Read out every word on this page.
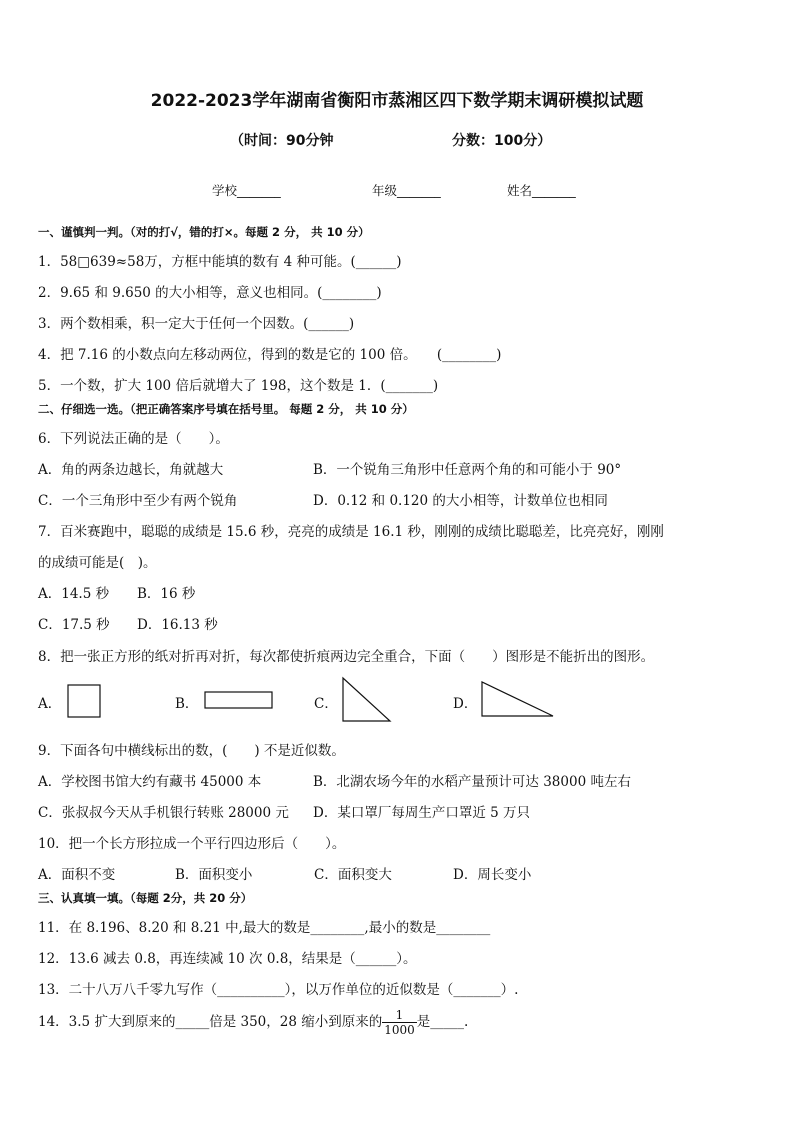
2022-2023学年湖南省衡阳市蒸湘区四下数学期末调研模拟试题
（时间：90分钟	分数：100分）
学校_______	年级_______	姓名_______
一、谨慎判一判。（对的打√，错的打×。每题 2 分， 共 10 分）
1．58□639≈58万，方框中能填的数有 4 种可能。(______)
2．9.65 和 9.650 的大小相等，意义也相同。(________)
3．两个数相乘，积一定大于任何一个因数。(______)
4．把 7.16 的小数点向左移动两位，得到的数是它的 100 倍。　　(________)
5．一个数，扩大 100 倍后就增大了 198，这个数是 1．(_______)
二、仔细选一选。（把正确答案序号填在括号里。 每题 2 分， 共 10 分）
6．下列说法正确的是（　　）。
A．角的两条边越长，角就越大	B．一个锐角三角形中任意两个角的和可能小于 90°
C．一个三角形中至少有两个锐角	D．0.12 和 0.120 的大小相等，计数单位也相同
7．百米赛跑中，聪聪的成绩是 15.6 秒，亮亮的成绩是 16.1 秒，刚刚的成绩比聪聪差，比亮亮好，刚刚
的成绩可能是(　)。
A．14.5 秒 B．16 秒
C．17.5 秒 D．16.13 秒
8．把一张正方形的纸对折再对折，每次都使折痕两边完全重合，下面（　　）图形是不能折出的图形。
A．	B．	C．	D．
9．下面各句中横线标出的数，(　　) 不是近似数。
A．学校图书馆大约有藏书 45000 本	B．北湖农场今年的水稻产量预计可达 38000 吨左右
C．张叔叔今天从手机银行转账 28000 元 D．某口罩厂每周生产口罩近 5 万只
10．把一个长方形拉成一个平行四边形后（　　）。
A．面积不变	B．面积变小	C．面积变大	D．周长变小
三、认真填一填。（每题 2分，共 20 分）
11．在 8.196、8.20 和 8.21 中,最大的数是________,最小的数是________
12．13.6 减去 0.8，再连续减 10 次 0.8，结果是（______）。
13．二十八万八千零九写作（__________），以万作单位的近似数是（_______）.
14．3.5 扩大到原来的_____倍是 350，28 缩小到原来的 $\frac{1}{1000}$ 是_____.
